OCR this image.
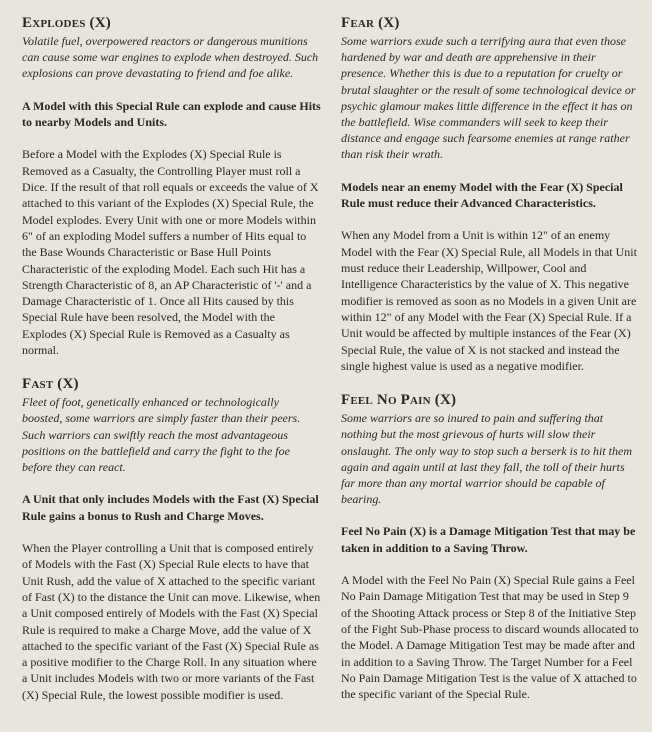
Explodes (X)

Volatile fuel, overpowered reactors or dangerous munitions can cause some war engines to explode when destroyed. Such explosions can prove devastating to friend and foe alike.

A Model with this Special Rule can explode and cause Hits to nearby Models and Units.

Before a Model with the Explodes (X) Special Rule is Removed as a Casualty, the Controlling Player must roll a Dice. If the result of that roll equals or exceeds the value of X attached to this variant of the Explodes (X) Special Rule, the Model explodes. Every Unit with one or more Models within 6" of an exploding Model suffers a number of Hits equal to the Base Wounds Characteristic or Base Hull Points Characteristic of the exploding Model. Each such Hit has a Strength Characteristic of 8, an AP Characteristic of '-' and a Damage Characteristic of 1. Once all Hits caused by this Special Rule have been resolved, the Model with the Explodes (X) Special Rule is Removed as a Casualty as normal.

Fast (X)

Fleet of foot, genetically enhanced or technologically boosted, some warriors are simply faster than their peers. Such warriors can swiftly reach the most advantageous positions on the battlefield and carry the fight to the foe before they can react.

A Unit that only includes Models with the Fast (X) Special Rule gains a bonus to Rush and Charge Moves.

When the Player controlling a Unit that is composed entirely of Models with the Fast (X) Special Rule elects to have that Unit Rush, add the value of X attached to the specific variant of Fast (X) to the distance the Unit can move. Likewise, when a Unit composed entirely of Models with the Fast (X) Special Rule is required to make a Charge Move, add the value of X attached to the specific variant of the Fast (X) Special Rule as a positive modifier to the Charge Roll. In any situation where a Unit includes Models with two or more variants of the Fast (X) Special Rule, the lowest possible modifier is used.

Fear (X)

Some warriors exude such a terrifying aura that even those hardened by war and death are apprehensive in their presence. Whether this is due to a reputation for cruelty or brutal slaughter or the result of some technological device or psychic glamour makes little difference in the effect it has on the battlefield. Wise commanders will seek to keep their distance and engage such fearsome enemies at range rather than risk their wrath.

Models near an enemy Model with the Fear (X) Special Rule must reduce their Advanced Characteristics.

When any Model from a Unit is within 12" of an enemy Model with the Fear (X) Special Rule, all Models in that Unit must reduce their Leadership, Willpower, Cool and Intelligence Characteristics by the value of X. This negative modifier is removed as soon as no Models in a given Unit are within 12" of any Model with the Fear (X) Special Rule. If a Unit would be affected by multiple instances of the Fear (X) Special Rule, the value of X is not stacked and instead the single highest value is used as a negative modifier.

Feel No Pain (X)

Some warriors are so inured to pain and suffering that nothing but the most grievous of hurts will slow their onslaught. The only way to stop such a berserk is to hit them again and again until at last they fall, the toll of their hurts far more than any mortal warrior should be capable of bearing.

Feel No Pain (X) is a Damage Mitigation Test that may be taken in addition to a Saving Throw.

A Model with the Feel No Pain (X) Special Rule gains a Feel No Pain Damage Mitigation Test that may be used in Step 9 of the Shooting Attack process or Step 8 of the Initiative Step of the Fight Sub-Phase process to discard wounds allocated to the Model. A Damage Mitigation Test may be made after and in addition to a Saving Throw. The Target Number for a Feel No Pain Damage Mitigation Test is the value of X attached to the specific variant of the Special Rule.
